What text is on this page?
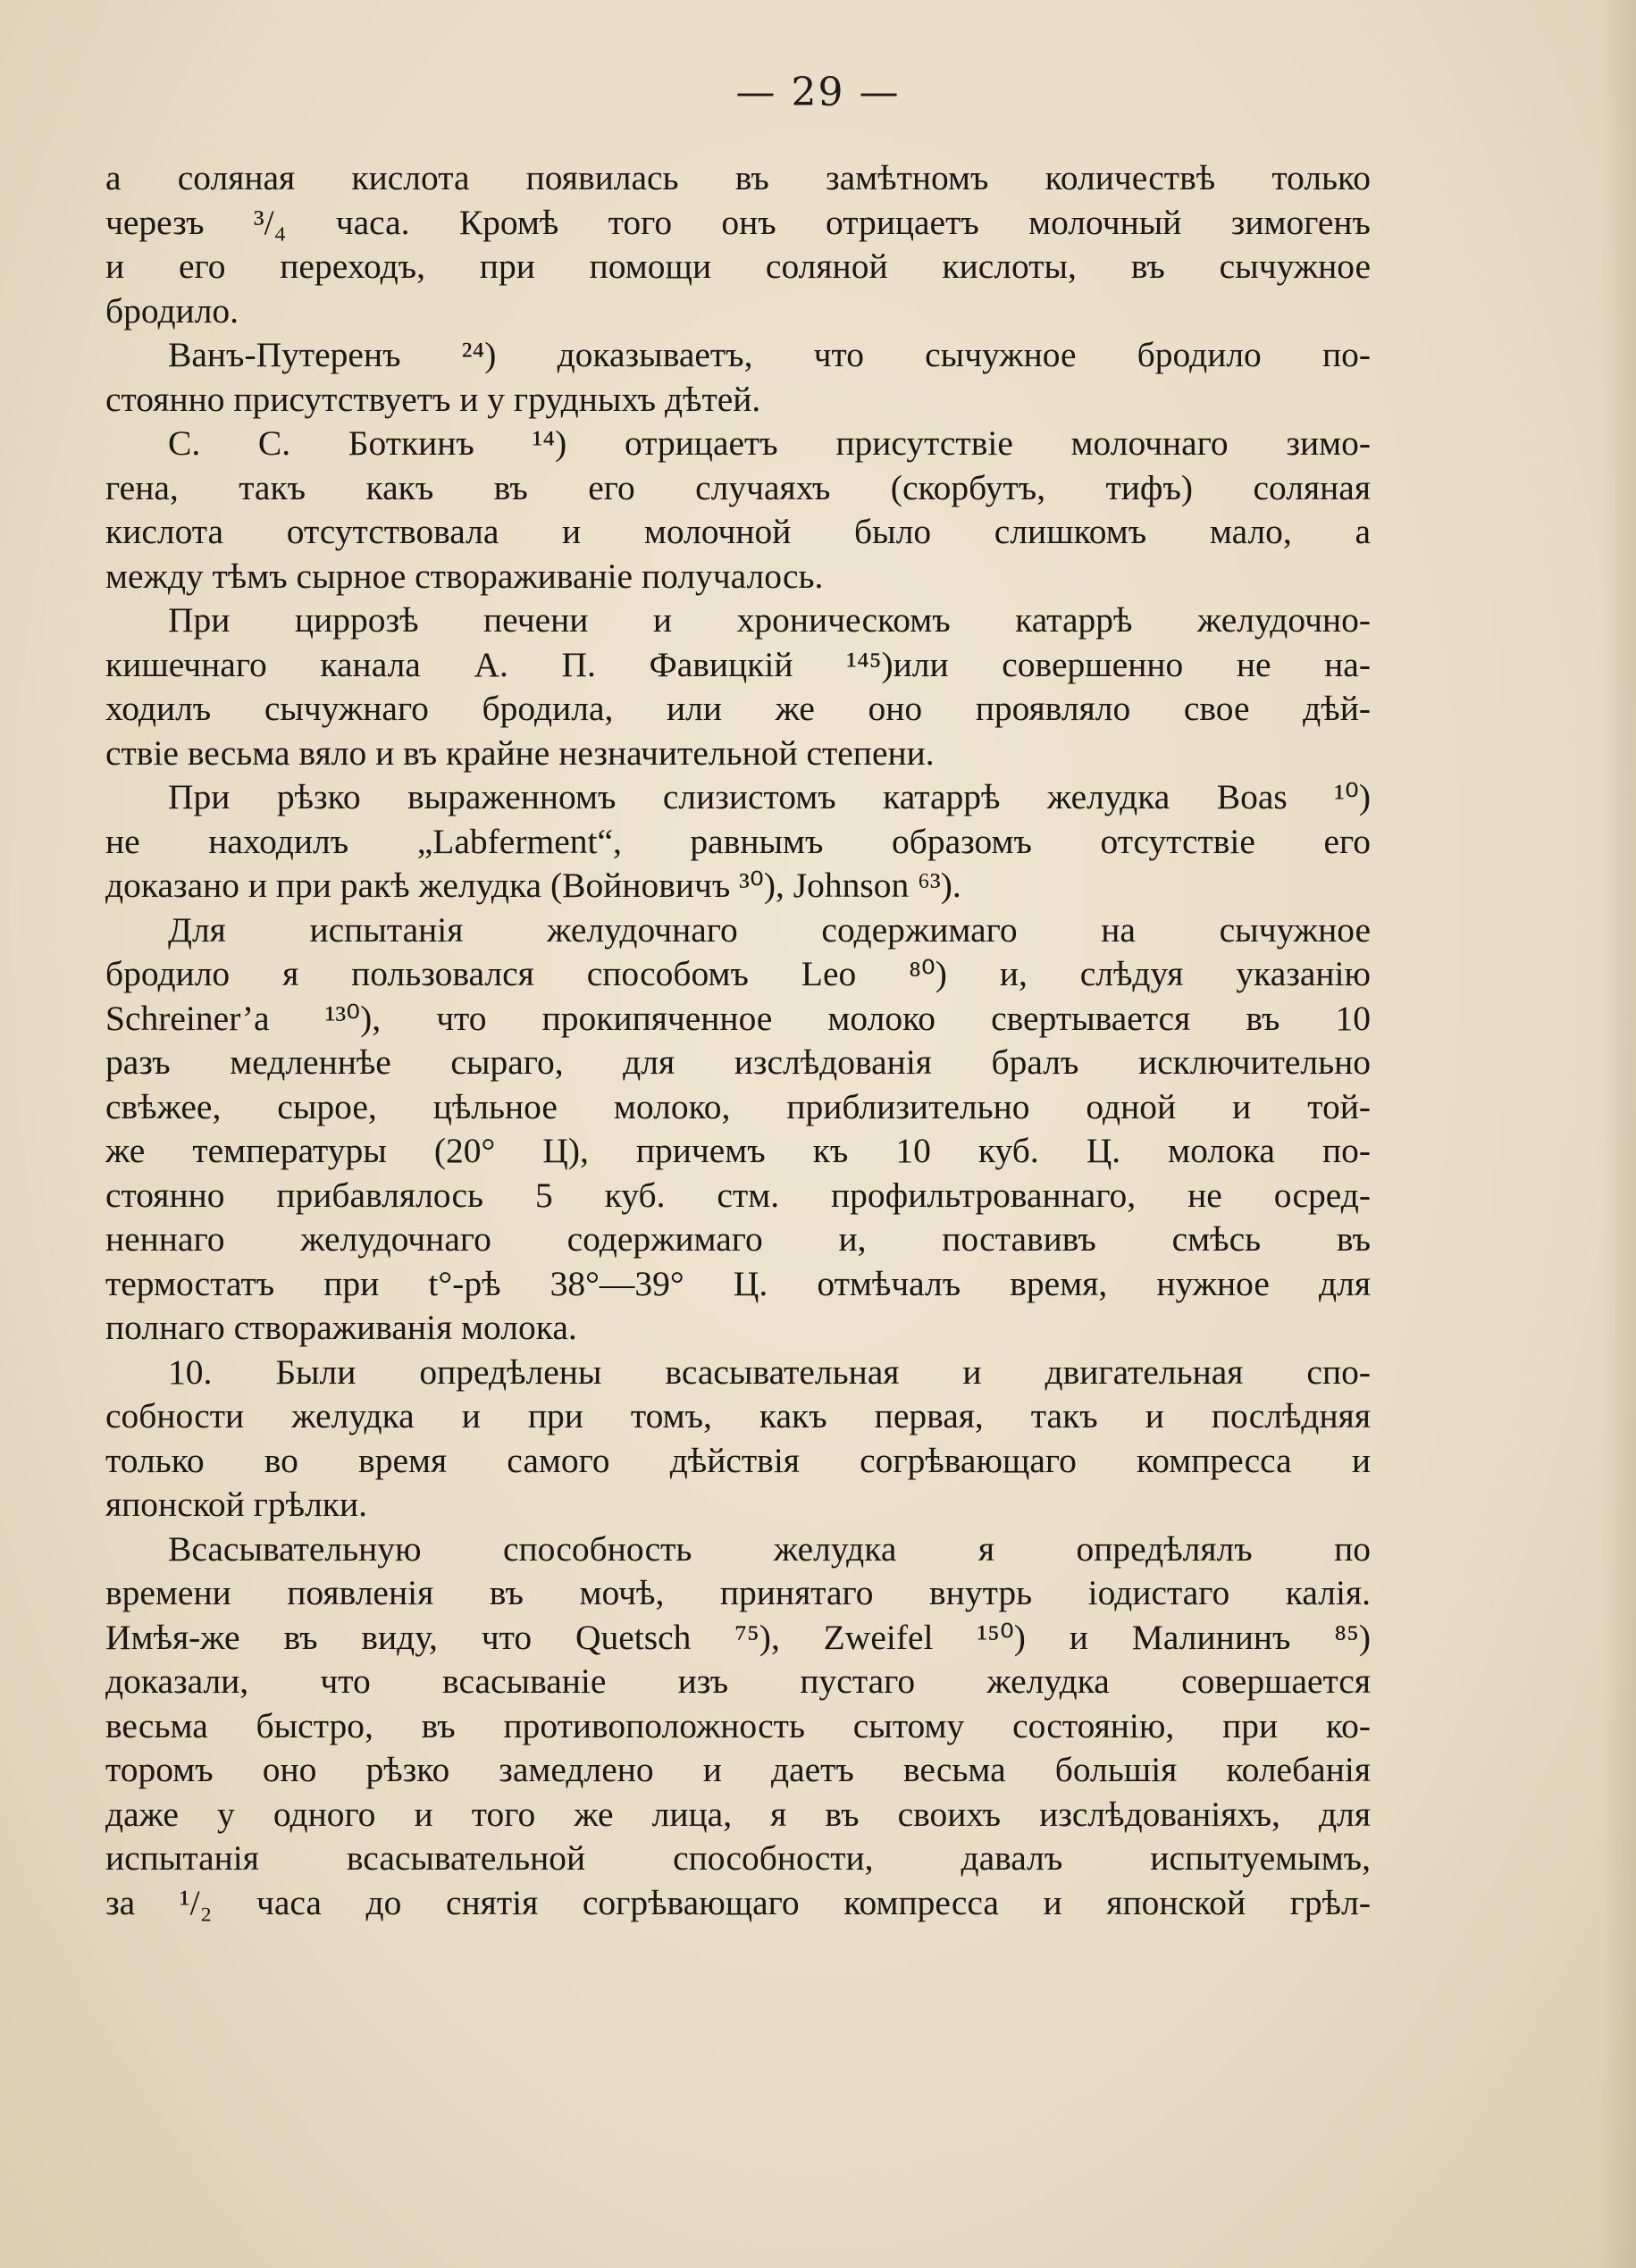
— 29 —
а соляная кислота появилась въ замѣтномъ количествѣ только
черезъ ³/₄ часа. Кромѣ того онъ отрицаетъ молочный зимогенъ
и его переходъ, при помощи соляной кислоты, въ сычужное
бродило.
Ванъ-Путеренъ ²⁴) доказываетъ, что сычужное бродило по-
стоянно присутствуетъ и у грудныхъ дѣтей.
С. С. Боткинъ ¹⁴) отрицаетъ присутствіе молочнаго зимо-
гена, такъ какъ въ его случаяхъ (скорбутъ, тифъ) соляная
кислота отсутствовала и молочной было слишкомъ мало, а
между тѣмъ сырное створаживаніе получалось.
При циррозѣ печени и хроническомъ катаррѣ желудочно-
кишечнаго канала А. П. Фавицкій ¹⁴⁵)или совершенно не на-
ходилъ сычужнаго бродила, или же оно проявляло свое дѣй-
ствіе весьма вяло и въ крайне незначительной степени.
При рѣзко выраженномъ слизистомъ катаррѣ желудка Boas ¹⁰)
не находилъ „Labferment“, равнымъ образомъ отсутствіе его
доказано и при ракѣ желудка (Войновичъ ³⁰), Johnson ⁶³).
Для испытанія желудочнаго содержимаго на сычужное
бродило я пользовался способомъ Leo ⁸⁰) и, слѣдуя указанію
Schreiner’a ¹³⁰), что прокипяченное молоко свертывается въ 10
разъ медленнѣе сыраго, для изслѣдованія бралъ исключительно
свѣжее, сырое, цѣльное молоко, приблизительно одной и той-
же температуры (20° Ц), причемъ къ 10 куб. Ц. молока по-
стоянно прибавлялось 5 куб. стм. профильтрованнаго, не осред-
неннаго желудочнаго содержимаго и, поставивъ смѣсь въ
термостатъ при t°-рѣ 38°—39° Ц. отмѣчалъ время, нужное для
полнаго створаживанія молока.
10. Были опредѣлены всасывательная и двигательная спо-
собности желудка и при томъ, какъ первая, такъ и послѣдняя
только во время самого дѣйствія согрѣвающаго компресса и
японской грѣлки.
Всасывательную способность желудка я опредѣлялъ по
времени появленія въ мочѣ, принятаго внутрь іодистаго калія.
Имѣя-же въ виду, что Quetsch ⁷⁵), Zweifel ¹⁵⁰) и Малининъ ⁸⁵)
доказали, что всасываніе изъ пустаго желудка совершается
весьма быстро, въ противоположность сытому состоянію, при ко-
торомъ оно рѣзко замедлено и даетъ весьма большія колебанія
даже у одного и того же лица, я въ своихъ изслѣдованіяхъ, для
испытанія всасывательной способности, давалъ испытуемымъ,
за ¹/₂ часа до снятія согрѣвающаго компресса и японской грѣл-
